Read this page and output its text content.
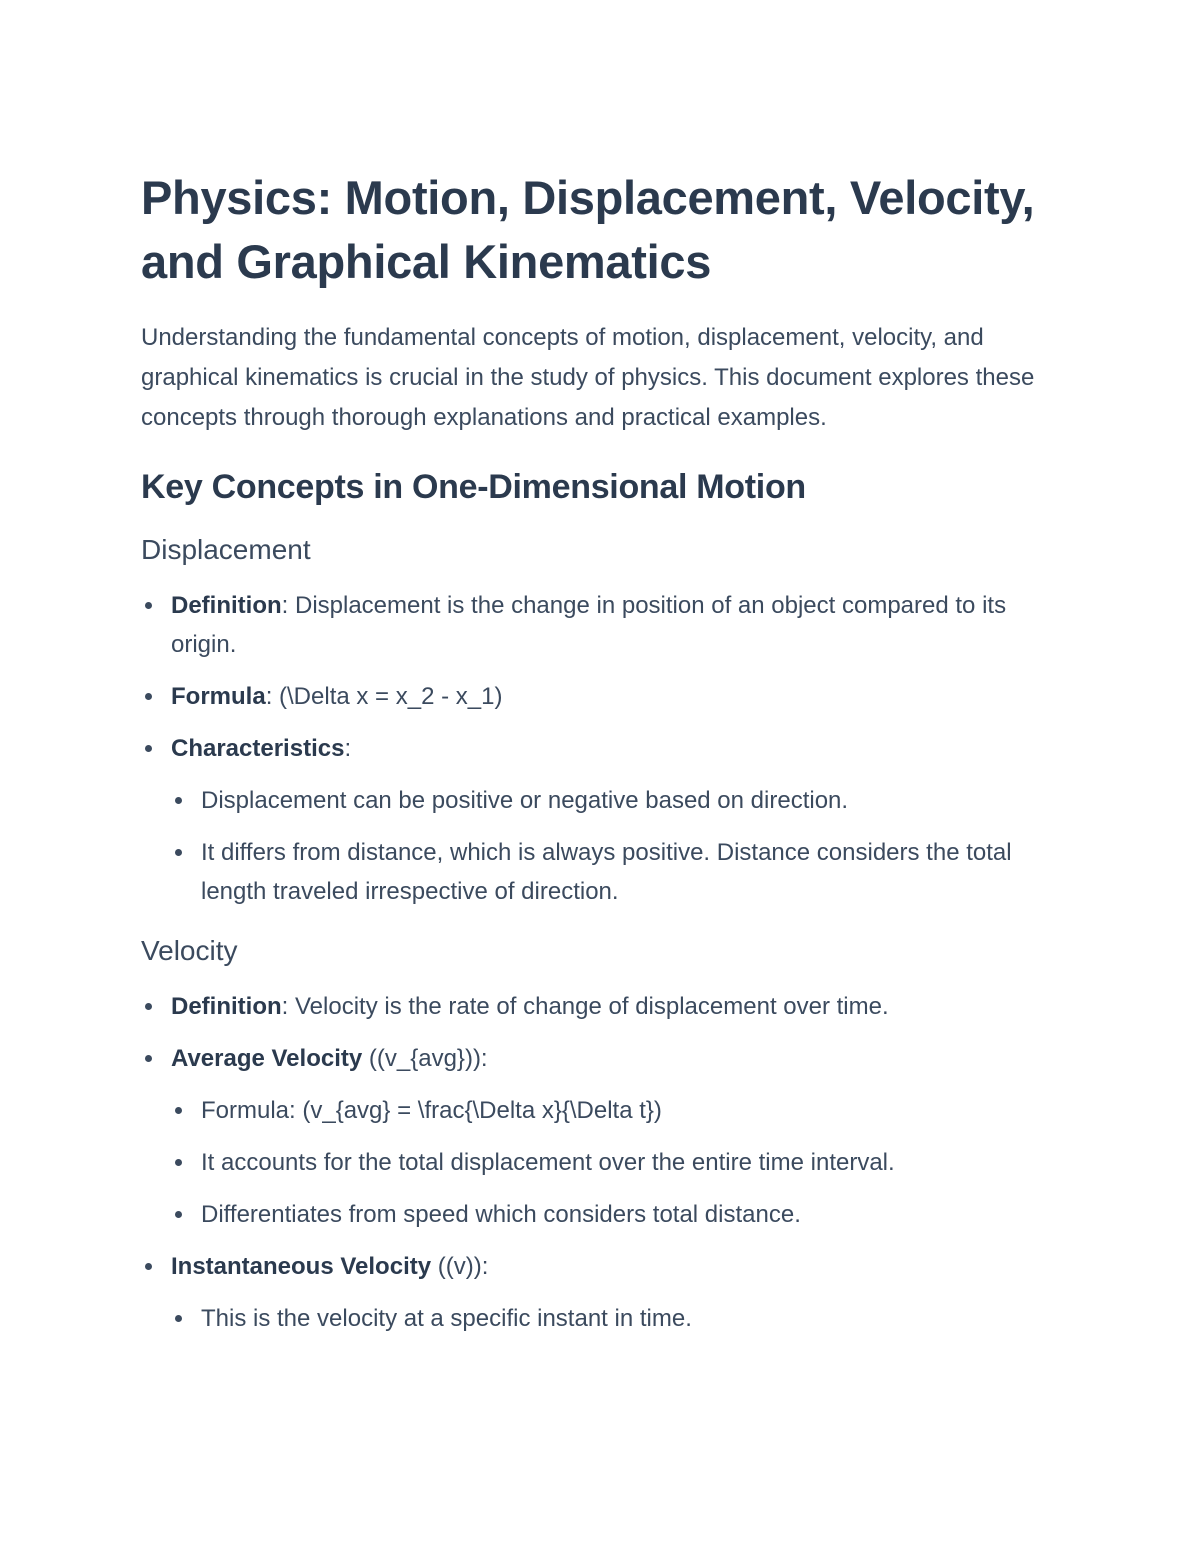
Physics: Motion, Displacement, Velocity, and Graphical Kinematics

Understanding the fundamental concepts of motion, displacement, velocity, and graphical kinematics is crucial in the study of physics. This document explores these concepts through thorough explanations and practical examples.

Key Concepts in One-Dimensional Motion
Displacement
Definition: Displacement is the change in position of an object compared to its origin.
Formula: (\Delta x = x_2 - x_1)
Characteristics:
Displacement can be positive or negative based on direction.
It differs from distance, which is always positive. Distance considers the total length traveled irrespective of direction.
Velocity
Definition: Velocity is the rate of change of displacement over time.
Average Velocity ((v_{avg})):
Formula: (v_{avg} = \frac{\Delta x}{\Delta t})
It accounts for the total displacement over the entire time interval.
Differentiates from speed which considers total distance.
Instantaneous Velocity ((v)):
This is the velocity at a specific instant in time.
